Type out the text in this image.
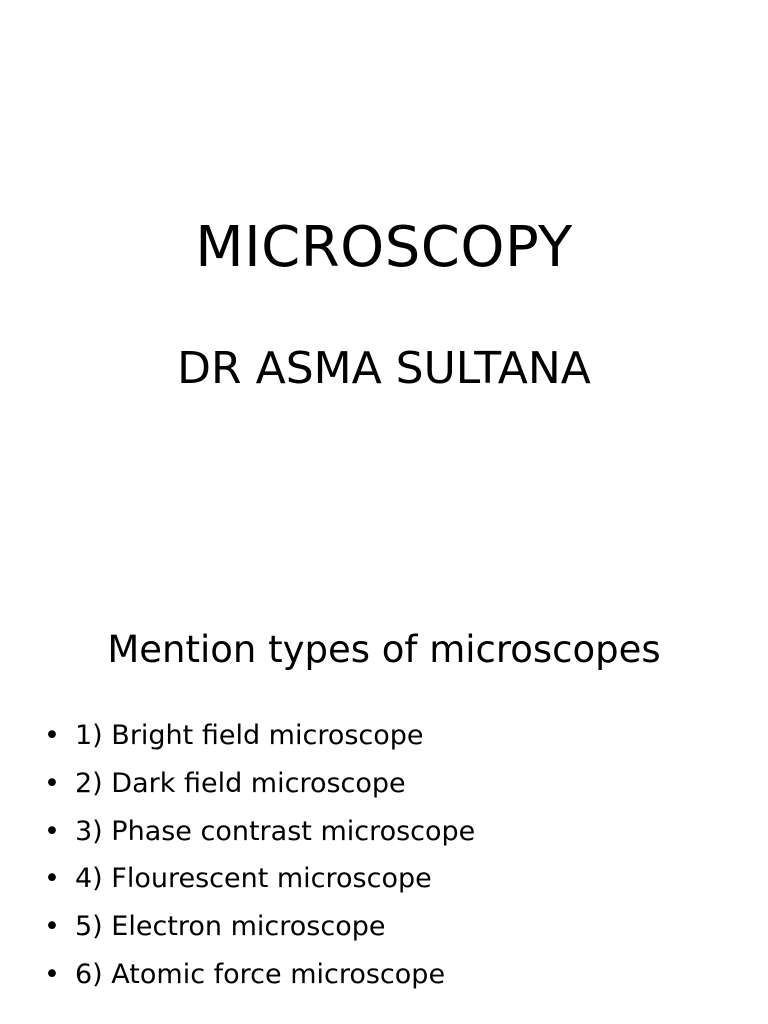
MICROSCOPY
DR ASMA SULTANA
Mention types of microscopes
• 1) Bright field microscope
• 2) Dark field microscope
• 3) Phase contrast microscope
• 4) Flourescent microscope
• 5) Electron microscope
• 6) Atomic force microscope
